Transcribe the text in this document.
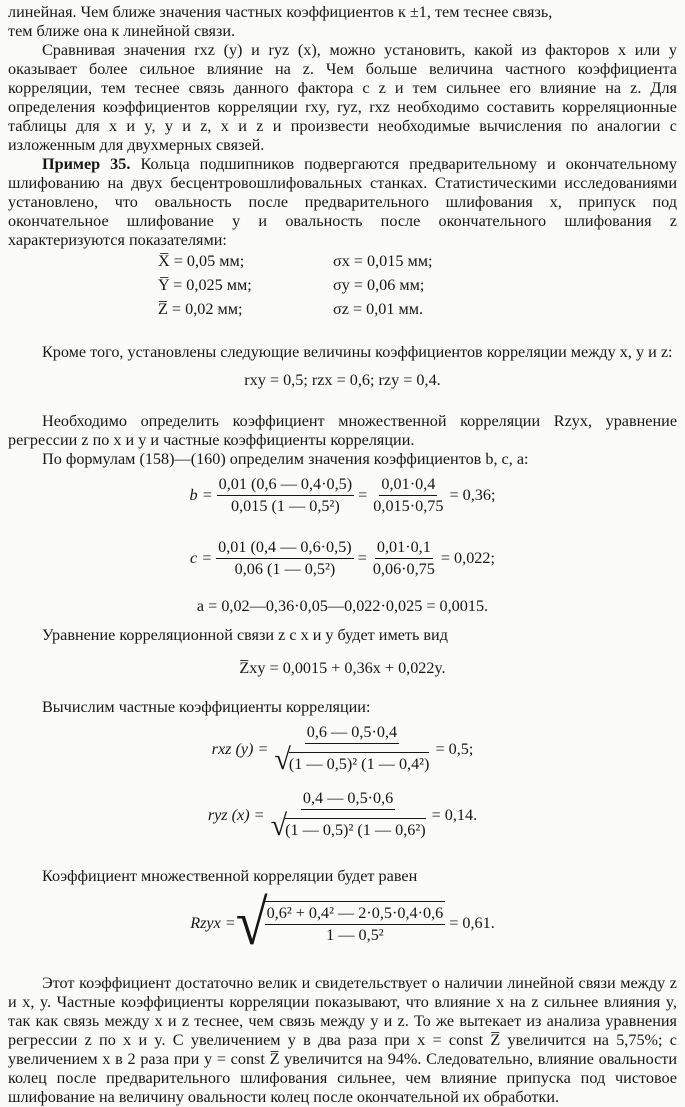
линейная. Чем ближе значения частных коэффициентов к ±1, тем теснее связь,
тем ближе она к линейной связи.

Сравнивая значения rxz (y) и ryz (x), можно установить, какой из факторов x или y оказывает более сильное влияние на z. Чем больше величина частного коэффициента корреляции, тем теснее связь данного фактора с z и тем сильнее его влияние на z. Для определения коэффициентов корреляции rxy, ryz, rxz необходимо составить корреляционные таблицы для x и y, y и z, x и z и произвести необходимые вычисления по аналогии с изложенным для двухмерных связей.

Пример 35. Кольца подшипников подвергаются предварительному и окончательному шлифованию на двух бесцентровошлифовальных станках. Статистическими исследованиями установлено, что овальность после предварительного шлифования x, припуск под окончательное шлифование y и овальность после окончательного шлифования z характеризуются показателями:

X̅ = 0,05 мм;	σx = 0,015 мм;
Y̅ = 0,025 мм;	σy = 0,06 мм;
Z̅ = 0,02 мм;	σz = 0,01 мм.

Кроме того, установлены следующие величины коэффициентов корреляции между x, y и z:

rxy = 0,5; rzx = 0,6; rzy = 0,4.

Необходимо определить коэффициент множественной корреляции Rzyx, уравнение регрессии z по x и y и частные коэффициенты корреляции.

По формулам (158)—(160) определим значения коэффициентов b, c, a:

$b = \frac{0,01 (0,6 — 0,4\cdot 0,5)}{\text{0,015 (1 — 0,5²)}} = \frac{0,01\cdot 0,4}{0,015\cdot 0,75} = 0,36$;
$c = \frac{0,01 (0,4 — 0,6\cdot 0,5)}{\text{0,06 (1 — 0,5²)}} = \frac{0,01\cdot 0,1}{0,06\cdot 0,75} = 0,022$;
a = 0,02—0,36·0,05—0,022·0,025 = 0,0015.

Уравнение корреляционной связи z с x и y будет иметь вид

Z̅xy = 0,0015 + 0,36x + 0,022y.

Вычислим частные коэффициенты корреляции:

rxz $(y) = \frac{0,6 — 0,5\cdot 0,4}{\text{√(1 — 0,5)² (1 — 0,4²)}} = 0,5$;
ryz $(x) = \frac{0,4 — 0,5\cdot 0,6}{\text{√(1 — 0,5)² (1 — 0,6²)}} = 0,14$.

Коэффициент множественной корреляции будет равен

Rzyx = √
$\frac{\text{0,6² + 0,4² — 2·0,5·0,4·0,6}}{\text{1 — 0,5²}} = 0,61$.

Этот коэффициент достаточно велик и свидетельствует о наличии линейной связи между z и x, y. Частные коэффициенты корреляции показывают, что влияние x на z сильнее влияния y, так как связь между x и z теснее, чем связь между y и z. То же вытекает из анализа уравнения регрессии z по x и y. С увеличением y в два раза при x = const Z̅ увеличится на 5,75%; с увеличением x в 2 раза при y = const Z̅ увеличится на 94%. Следовательно, влияние овальности колец после предварительного шлифования сильнее, чем влияние припуска под чистовое шлифование на величину овальности колец после окончательной их обработки.
